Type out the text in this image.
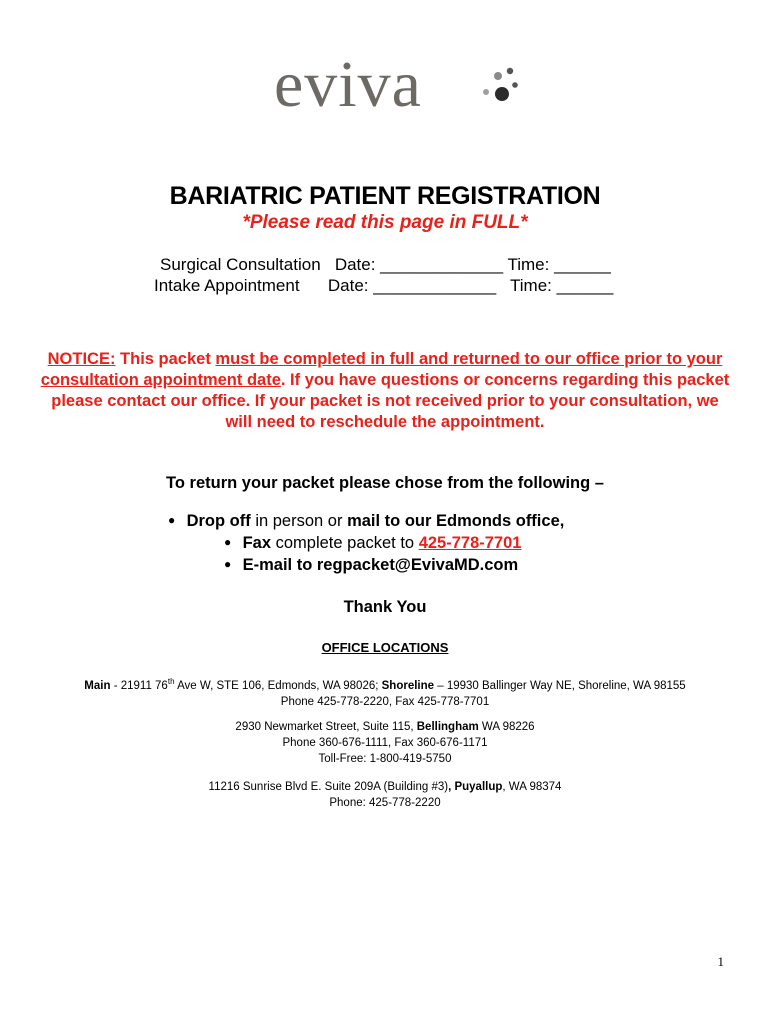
eviva
BARIATRIC PATIENT REGISTRATION
*Please read this page in FULL*
Surgical Consultation   Date: _____________ Time: ______
Intake Appointment      Date: _____________   Time: ______
NOTICE: This packet must be completed in full and returned to our office prior to your consultation appointment date. If you have questions or concerns regarding this packet please contact our office. If your packet is not received prior to your consultation, we will need to reschedule the appointment.
To return your packet please chose from the following –
● Drop off in person or mail to our Edmonds office,
● Fax complete packet to 425-778-7701
● E-mail to regpacket@EvivaMD.com
Thank You
OFFICE LOCATIONS
Main - 21911 76th Ave W, STE 106, Edmonds, WA 98026; Shoreline – 19930 Ballinger Way NE, Shoreline, WA 98155
Phone 425-778-2220, Fax 425-778-7701
2930 Newmarket Street, Suite 115, Bellingham WA 98226
Phone 360-676-1111, Fax 360-676-1171
Toll-Free: 1-800-419-5750
11216 Sunrise Blvd E. Suite 209A (Building #3), Puyallup, WA 98374
Phone: 425-778-2220
1
